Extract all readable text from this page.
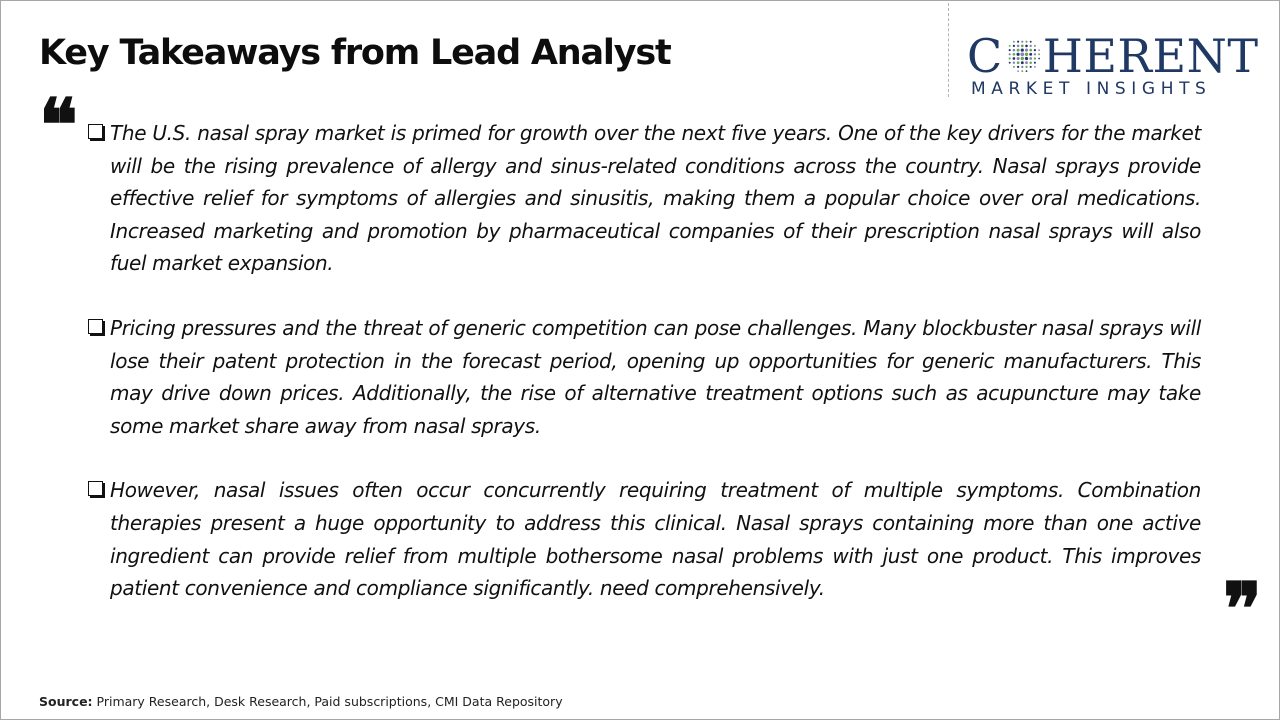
Key Takeaways from Lead Analyst	C HERENT
MARKET INSIGHTS
❝ The U.S. nasal spray market is primed for growth over the next five years. One of the key drivers for the market will be the rising prevalence of allergy and sinus-related conditions across the country. Nasal sprays provide effective relief for symptoms of allergies and sinusitis, making them a popular choice over oral medications. Increased marketing and promotion by pharmaceutical companies of their prescription nasal sprays will also fuel market expansion.
Pricing pressures and the threat of generic competition can pose challenges. Many blockbuster nasal sprays will lose their patent protection in the forecast period, opening up opportunities for generic manufacturers. This may drive down prices. Additionally, the rise of alternative treatment options such as acupuncture may take some market share away from nasal sprays.
However, nasal issues often occur concurrently requiring treatment of multiple symptoms. Combination therapies present a huge opportunity to address this clinical. Nasal sprays containing more than one active ingredient can provide relief from multiple bothersome nasal problems with just one product. This improves patient convenience and compliance significantly. need comprehensively.	❞
Source: Primary Research, Desk Research, Paid subscriptions, CMI Data Repository
